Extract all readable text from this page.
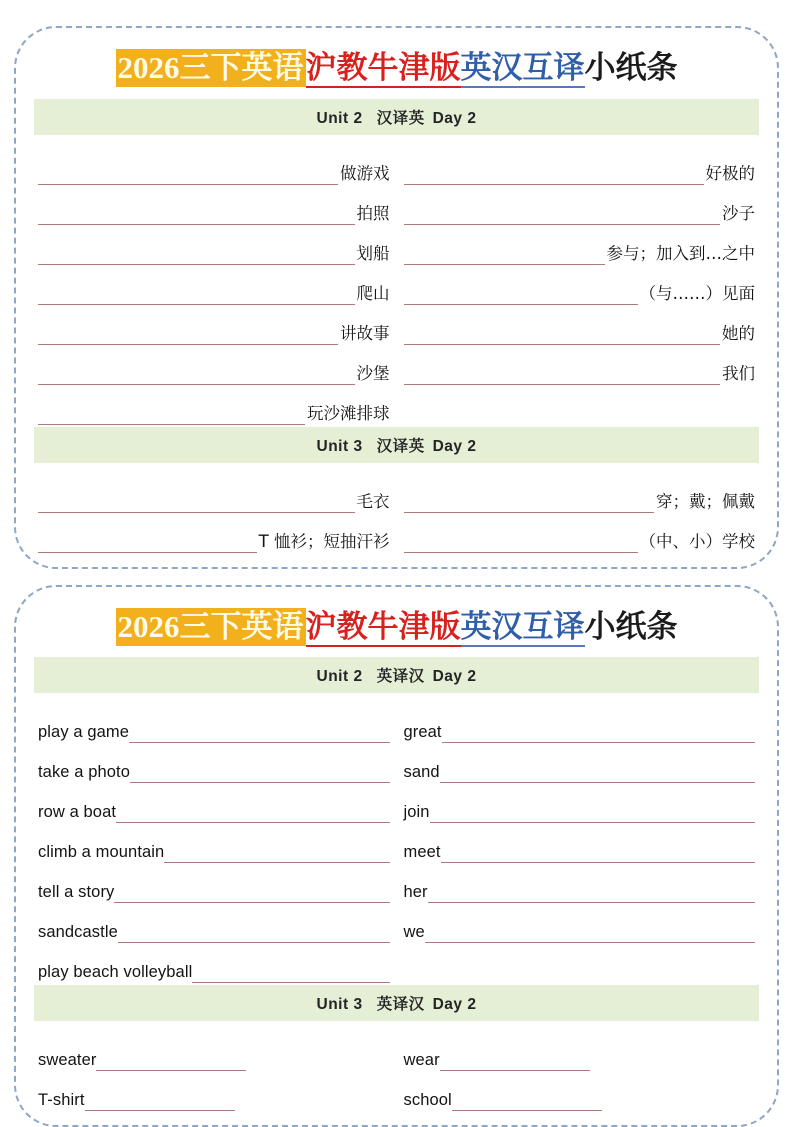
2026三下英语沪教牛津版英汉互译小纸条
Unit 2 汉译英 Day 2
做游戏	好极的
拍照	沙子
划船	参与；加入到…之中
爬山	（与……）见面
讲故事	她的
沙堡	我们
玩沙滩排球
Unit 3 汉译英 Day 2
毛衣	穿；戴；佩戴
T 恤衫；短抽汗衫	（中、小）学校
2026三下英语沪教牛津版英汉互译小纸条
Unit 2 英译汉 Day 2
play a game	great
take a photo	sand
row a boat	join
climb a mountain	meet
tell a story	her
sandcastle	we
play beach volleyball
Unit 3 英译汉 Day 2
sweater	wear
T-shirt	school
